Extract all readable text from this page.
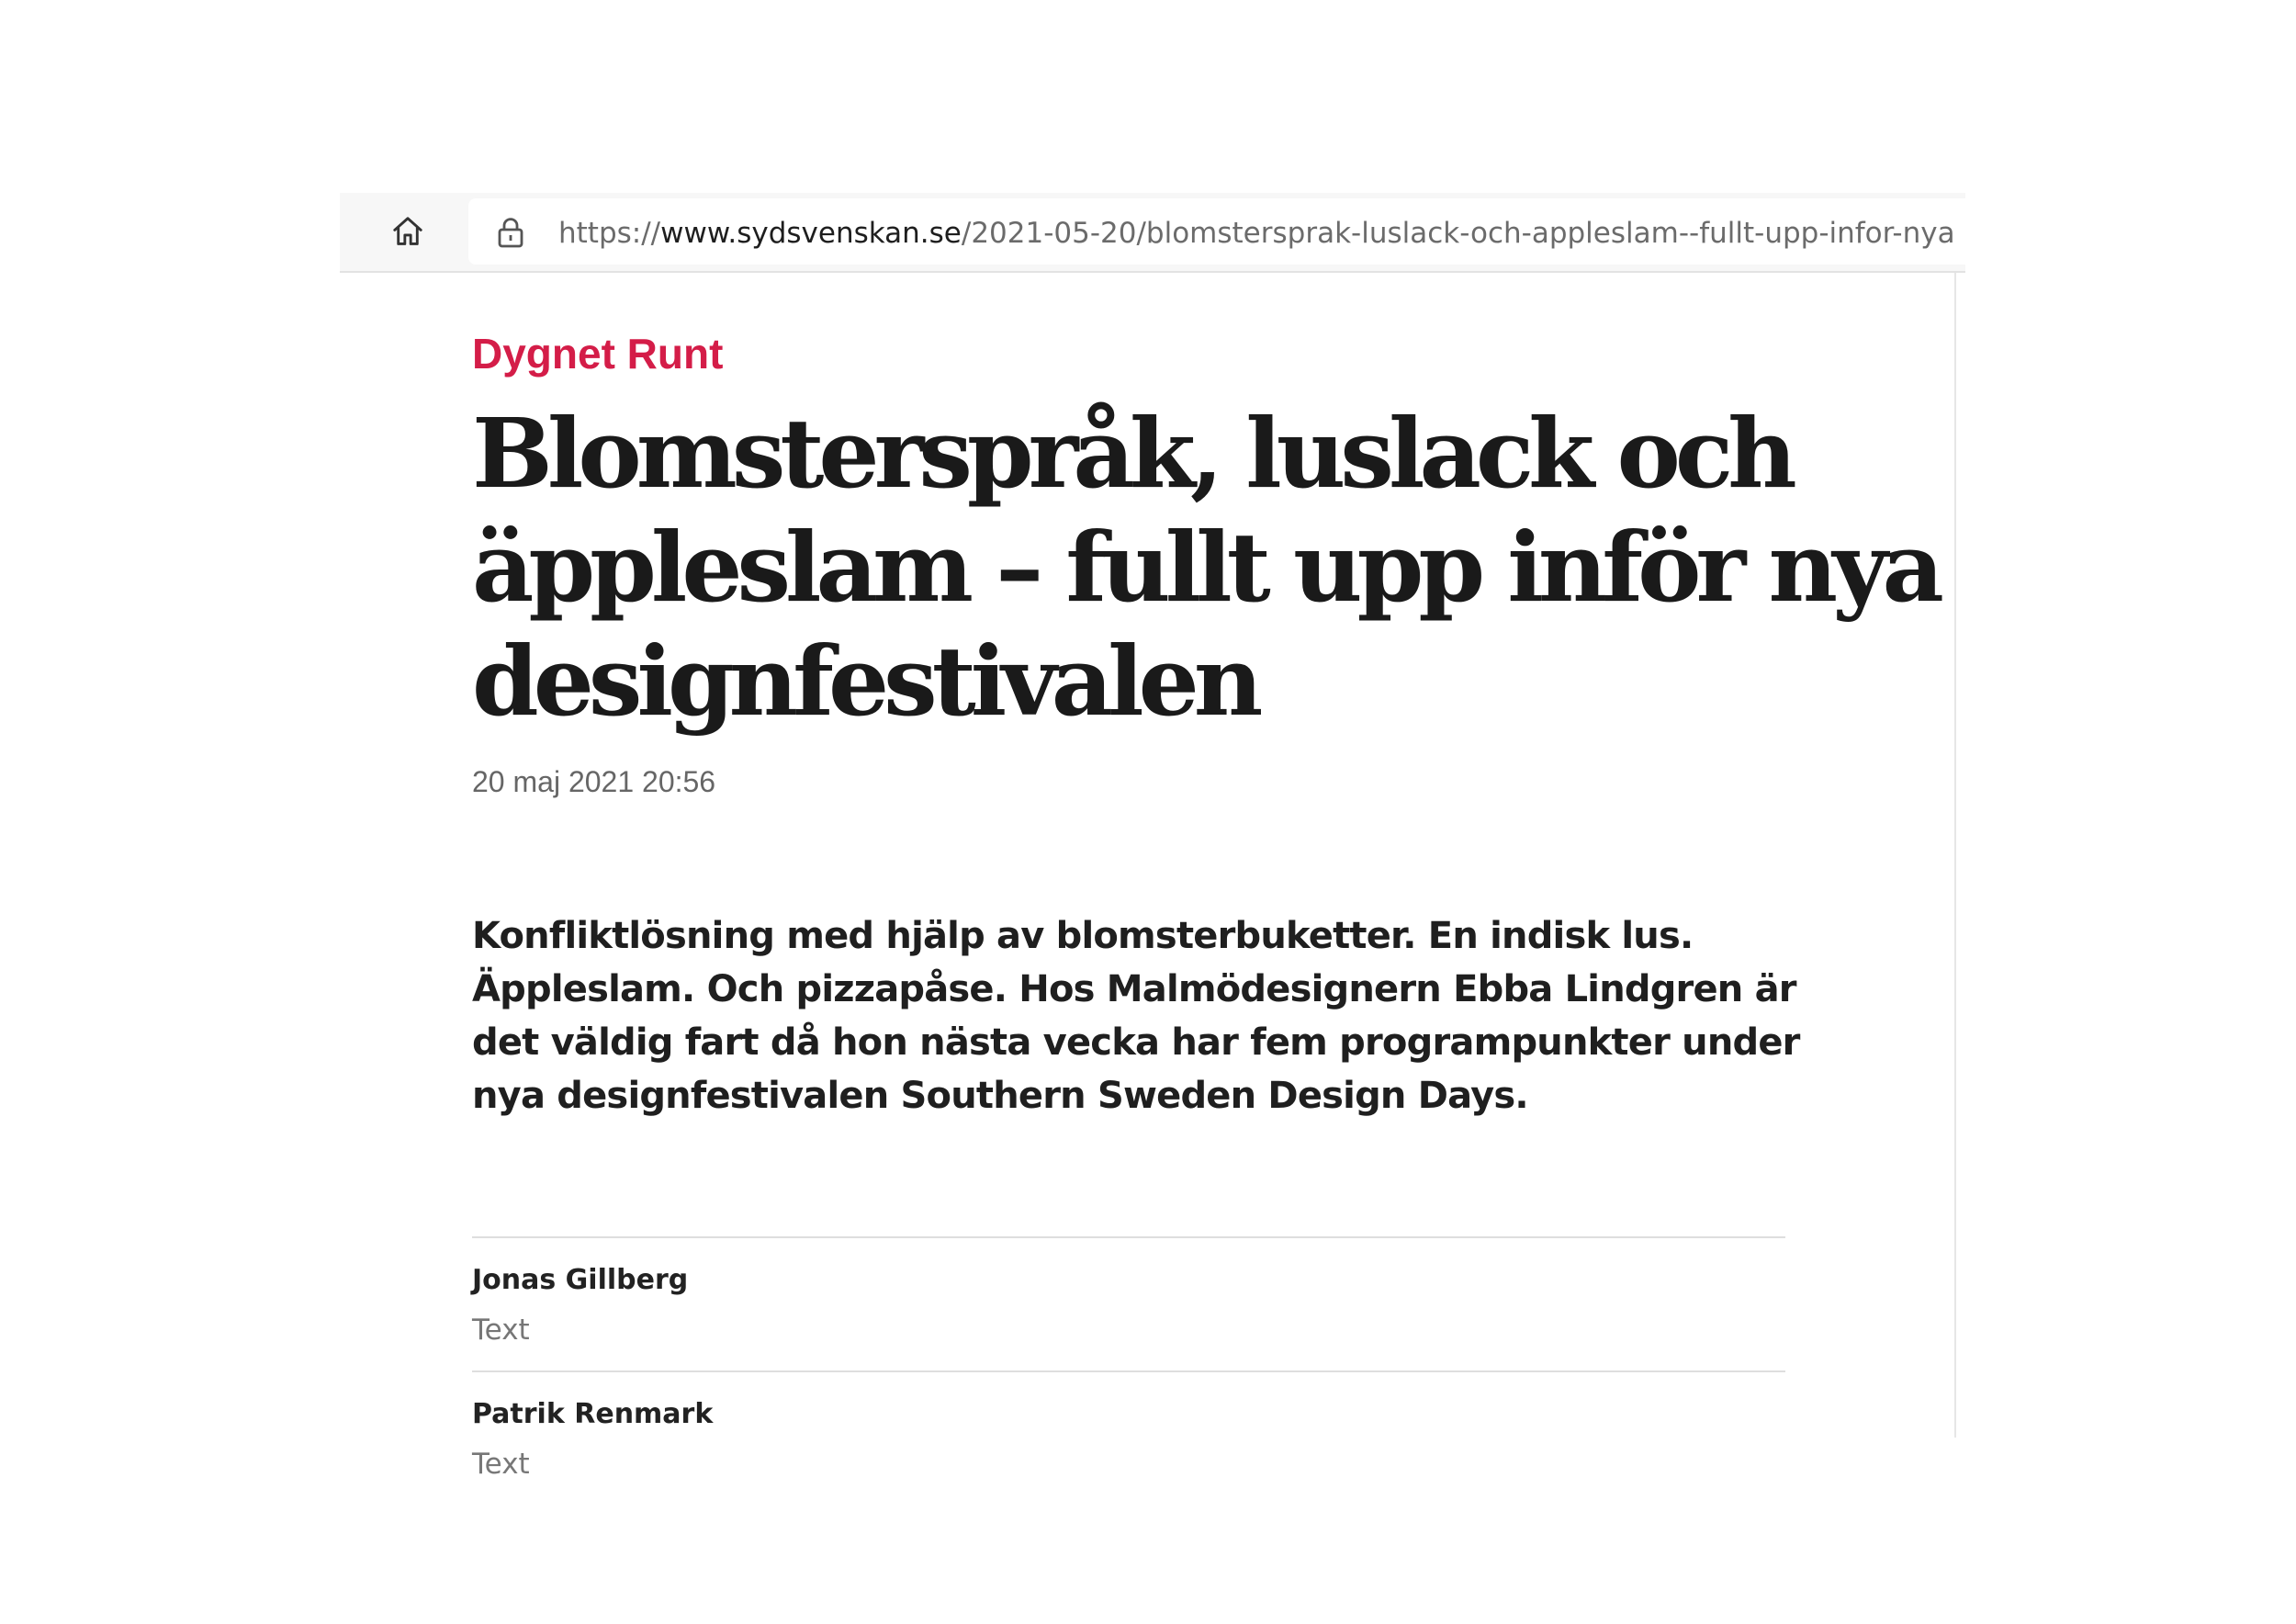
https://www.sydsvenskan.se/2021-05-20/blomstersprak-luslack-och-appleslam--fullt-upp-infor-nya
Dygnet Runt
Blomsterspråk, luslack och äppleslam – fullt upp inför nya designfestivalen
20 maj 2021 20:56

Konfliktlösning med hjälp av blomsterbuketter. En indisk lus. Äppleslam. Och pizzapåse. Hos Malmödesignern Ebba Lindgren är det väldig fart då hon nästa vecka har fem programpunkter under nya designfestivalen Southern Sweden Design Days.

Jonas Gillberg
Text
Patrik Renmark
Text
